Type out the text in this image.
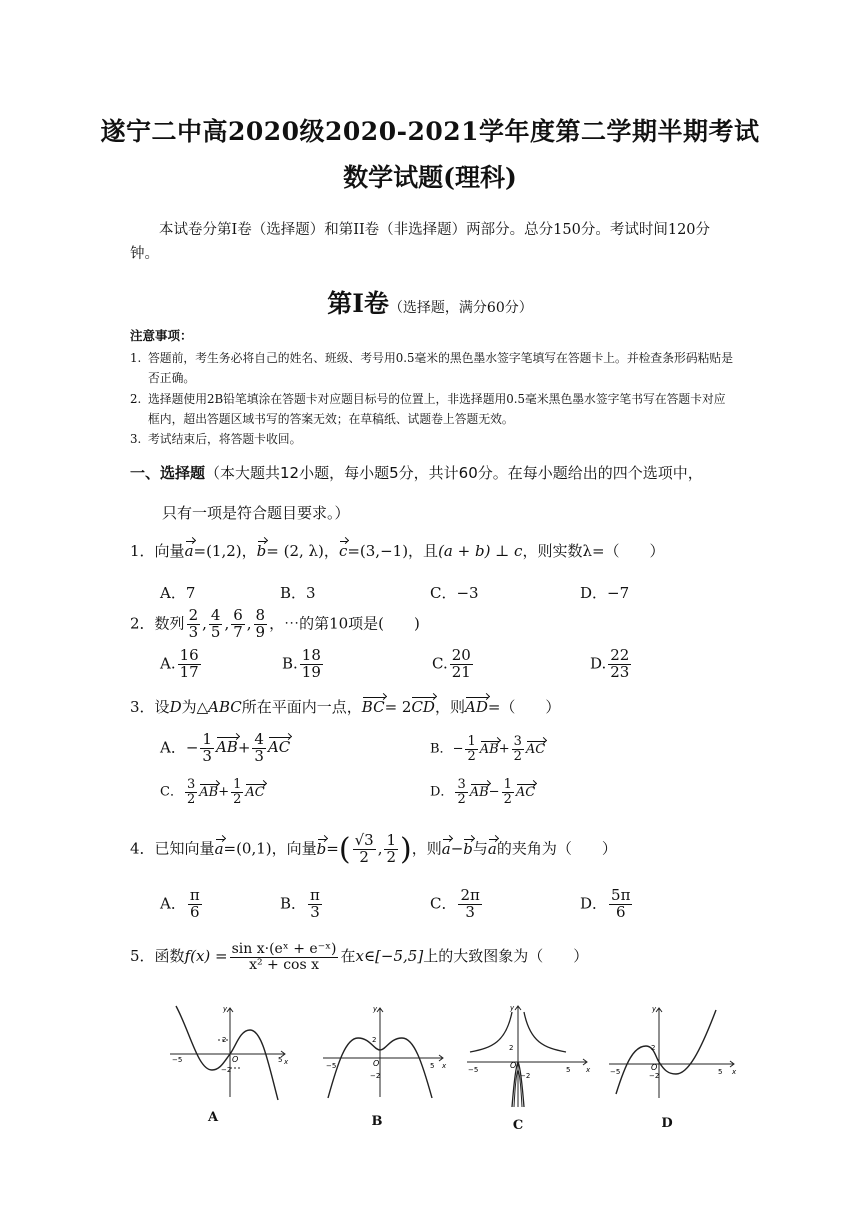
遂宁二中高2020级2020-2021学年度第二学期半期考试
数学试题(理科)
本试卷分第Ⅰ卷（选择题）和第II卷（非选择题）两部分。总分150分。考试时间120分钟。
第Ⅰ卷（选择题，满分60分）
注意事项：
1. 答题前，考生务必将自己的姓名、班级、考号用0.5毫米的黑色墨水签字笔填写在答题卡上。并检查条形码粘贴是
否正确。
2. 选择题使用2B铅笔填涂在答题卡对应题目标号的位置上，非选择题用0.5毫米黑色墨水签字笔书写在答题卡对应
框内，超出答题区域书写的答案无效；在草稿纸、试题卷上答题无效。
3. 考试结束后，将答题卡收回。
一、选择题（本大题共12小题，每小题5分，共计60分。在每小题给出的四个选项中，
只有一项是符合题目要求。）
1．向量a=(1,2)，b= (2, λ)，c=(3,−1)，且(a + b) ⊥ c，则实数λ=（　　）
A．7	B．3	C．−3	D．−7
2．数列 $\frac{2}{3}$ , $\frac{4}{5}$ , $\frac{6}{7}$ , $\frac{8}{9}$ ，⋯的第10项是(　　)
A. $\frac{16}{17}$	B. $\frac{18}{19}$	C. $\frac{20}{21}$	D. $\frac{22}{23}$
3．设D为△ABC所在平面内一点，BC= 2CD，则AD=（　　）
A．− $\frac{1}{3} AB+ \frac{4}{3}$ AC	B．− $\frac{1}{2} AB+ \frac{3}{2}$ AC
C． $\frac{3}{2} AB+ \frac{1}{2}$ AC	D． $\frac{3}{2} AB- \frac{1}{2}$ AC
4．已知向量a=(0,1)，向量$b=( \frac{√3}{2}$ , $\frac{1}{2}$ )，则a−b与a的夹角为（　　）
A． $\frac{\pi}{6}$	B． $\frac{\pi}{3}$	C． $\frac{2\pi}{3}$	D． $\frac{5\pi}{6}$
5．函数$f(x) = \frac{\text{sin x·(eˣ + e⁻ˣ)}}{\text{x² + cos x}}$ 在x∈[−5,5]上的大致图象为（　　）
−5	5
2
−2
O	x
y
A
−5	5
2
−2
O	x
y
B
−5	5
2
−2
O	x
y
C
−5	5
2
−2
O	x
y
D
